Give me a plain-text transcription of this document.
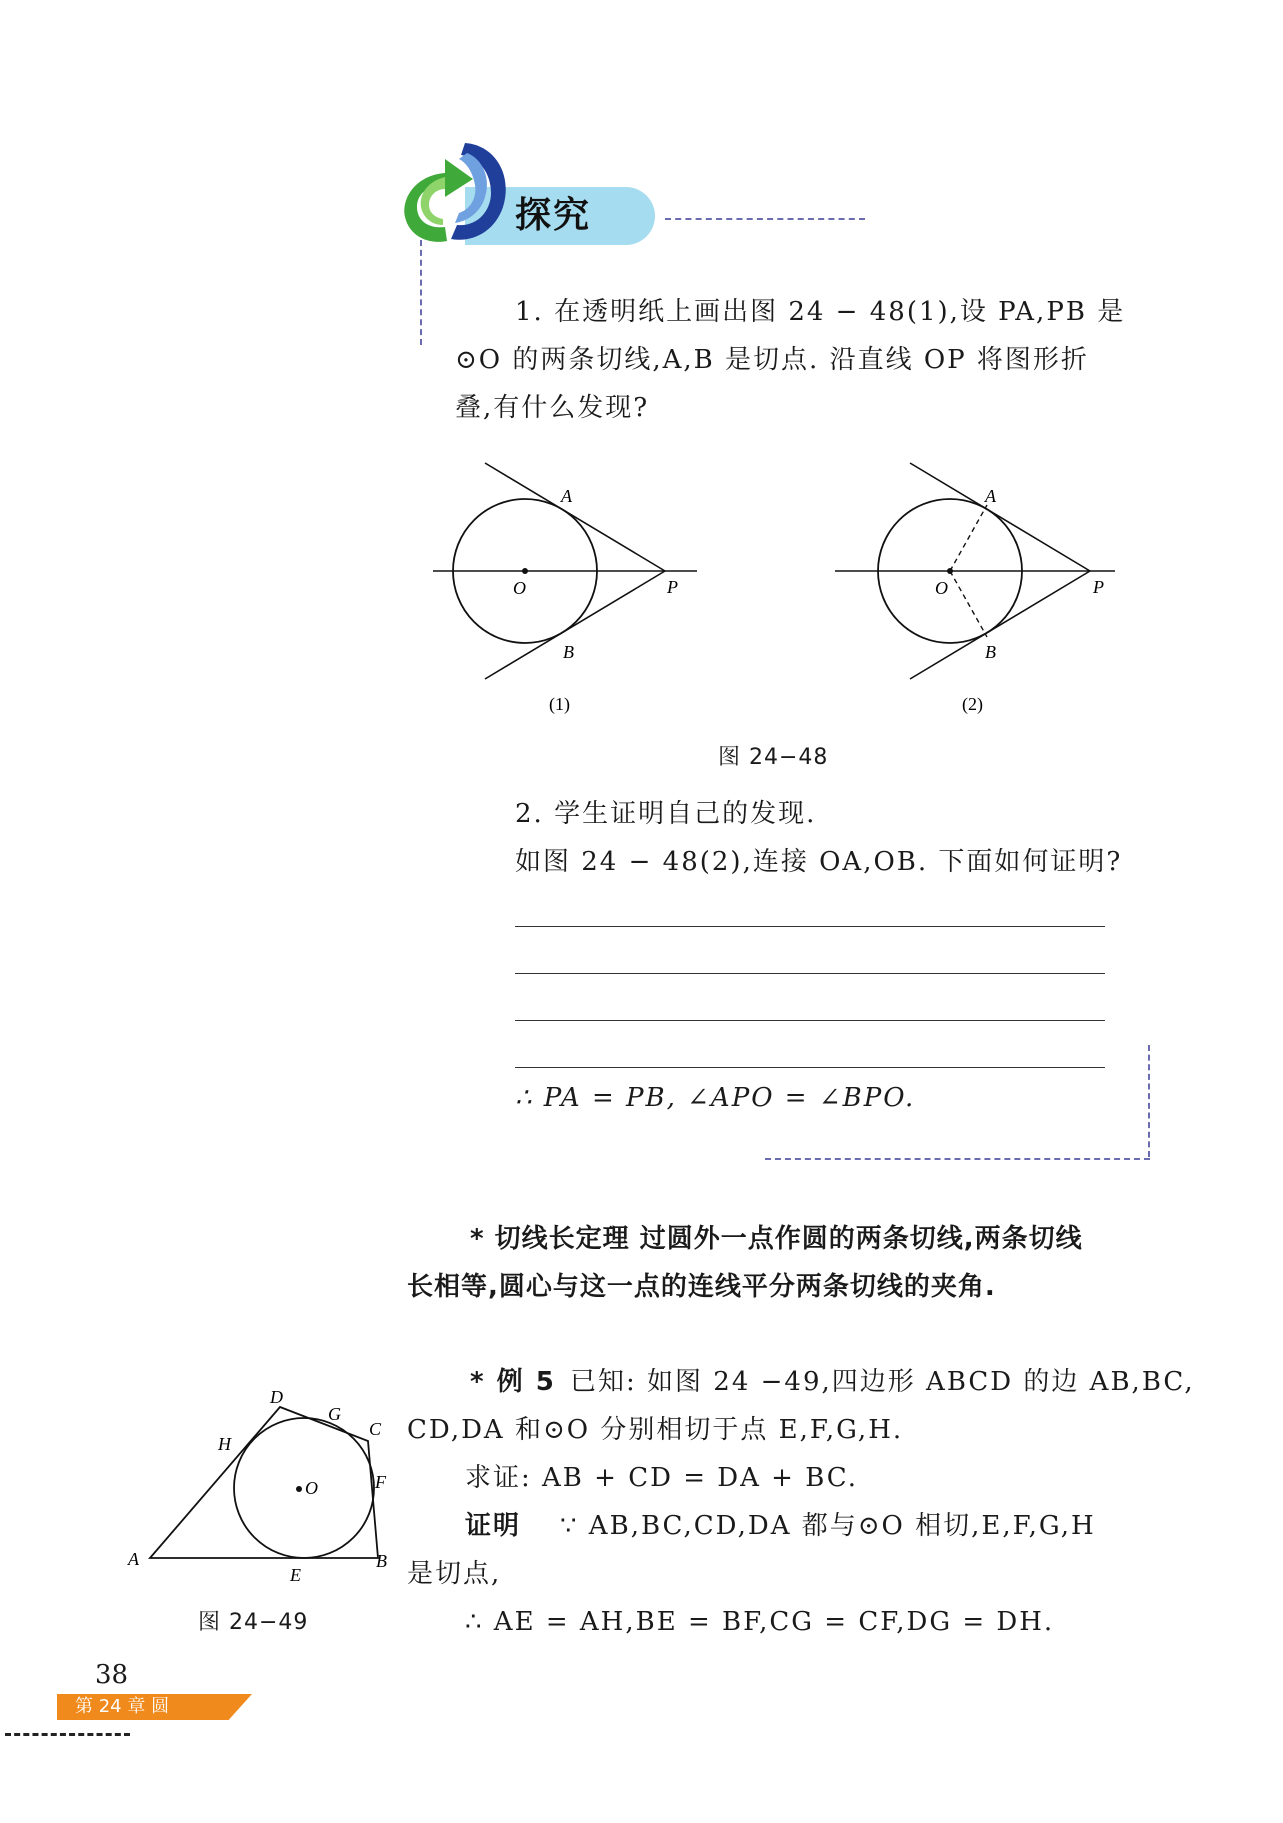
探究
1. 在透明纸上画出图 24 − 48(1),设 PA,PB 是
⊙O 的两条切线,A,B 是切点. 沿直线 OP 将图形折
叠,有什么发现?
A
O	P
B
(1)
A
O	P
B
(2)
图 24−48
2. 学生证明自己的发现.
如图 24 − 48(2),连接 OA,OB. 下面如何证明?
∴ PA = PB, ∠APO = ∠BPO.
* 切线长定理 过圆外一点作圆的两条切线,两条切线
长相等,圆心与这一点的连线平分两条切线的夹角.
* 例 5 已知: 如图 24 −49,四边形 ABCD 的边 AB,BC,
CD,DA 和⊙O 分别相切于点 E,F,G,H.
求证: AB + CD = DA + BC.
证明 ∵ AB,BC,CD,DA 都与⊙O 相切,E,F,G,H
是切点,
∴ AE = AH,BE = BF,CG = CF,DG = DH.
D
G
C
H
O	F
A
E
B
图 24−49
38
第 24 章 圆
